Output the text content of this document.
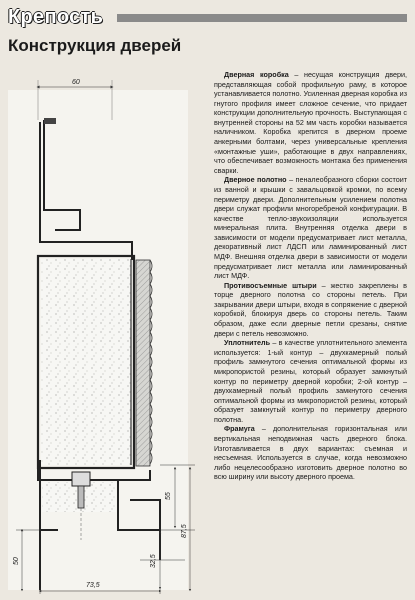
Крепость
Конструкция дверей
60
55
87,5
32,5
50
73,5

Дверная коробка – несущая конструкция двери, представляющая собой профильную раму, в которое устанавливается полотно. Усиленная дверная коробка из гнутого профиля имеет сложное сечение, что придает конструкции дополнительную прочность. Выступающая с внутренней стороны на 52 мм часть коробки называется наличником. Коробка крепится в дверном проеме анкерными болтами, через универсальные крепления «монтажные уши», работающие в двух направлениях, что обеспечивает возможность монтажа без применения сварки.

Дверное полотно – пеналеобразного сборки состоит из ванной и крышки с завальцовкой кромки, по всему периметру двери. Дополнительным усилением полотна двери служат профили многоребреной конфигурации. В качестве тепло-звукоизоляции используется минеральная плита. Внутренняя отделка двери в зависимости от модели предусматривает лист металла, декоративный лист ЛДСП или ламинированный лист МДФ. Внешняя отделка двери в зависимости от модели предусматривает лист металла или ламинированный лист МДФ.

Противосъемные штыри – жестко закреплены в торце дверного полотна со стороны петель. При закрывании двери штыри, входя в сопряжение с дверной коробкой, блокируя дверь со стороны петель. Таким образом, даже если дверные петли срезаны, снятие двери с петель невозможно.

Уплотнитель – в качестве уплотнительного элемента используется: 1-ый контур – двухкамерный полый профиль замкнутого сечения оптимальной формы из микропористой резины, который образует замкнутый контур по периметру дверной коробки; 2-ой контур – двухкамерный полый профиль замкнутого сечения оптимальной формы из микропористой резины, который образует замкнутый контур по периметру дверного полотна.

Фрамуга – дополнительная горизонтальная или вертикальная неподвижная часть дверного блока. Изготавливается в двух вариантах: съемная и несъемная. Используется в случае, когда невозможно либо нецелесообразно изготовить дверное полотно во всю ширину или высоту дверного проема.
